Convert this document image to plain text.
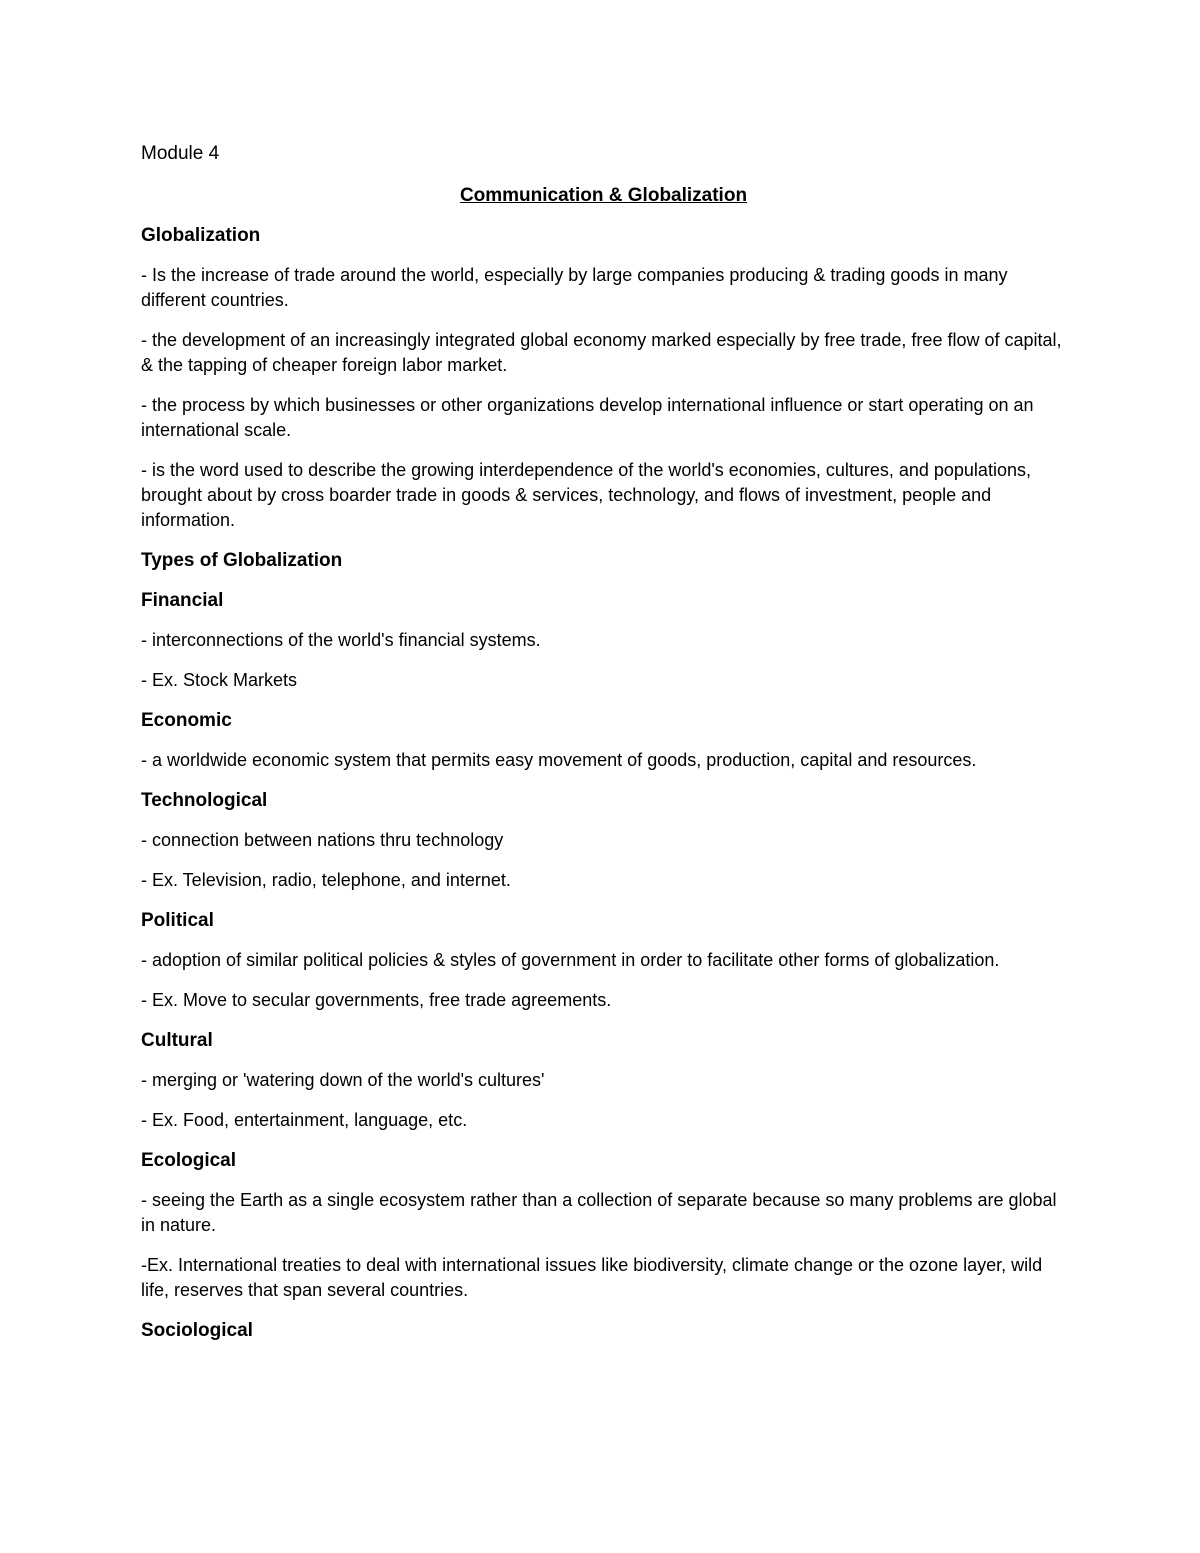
Module 4
Communication & Globalization
Globalization

- Is the increase of trade around the world, especially by large companies producing & trading goods in many different countries.

- the development of an increasingly integrated global economy marked especially by free trade, free flow of capital, & the tapping of cheaper foreign labor market.

- the process by which businesses or other organizations develop international influence or start operating on an international scale.

- is the word used to describe the growing interdependence of the world's economies, cultures, and populations, brought about by cross boarder trade in goods & services, technology, and flows of investment, people and information.

Types of Globalization
Financial

- interconnections of the world's financial systems.

- Ex. Stock Markets

Economic

- a worldwide economic system that permits easy movement of goods, production, capital and resources.

Technological

- connection between nations thru technology

- Ex. Television, radio, telephone, and internet.

Political

- adoption of similar political policies & styles of government in order to facilitate other forms of globalization.

- Ex. Move to secular governments, free trade agreements.

Cultural

- merging or 'watering down of the world's cultures'

- Ex. Food, entertainment, language, etc.

Ecological

- seeing the Earth as a single ecosystem rather than a collection of separate because so many problems are global in nature.

-Ex. International treaties to deal with international issues like biodiversity, climate change or the ozone layer, wild life, reserves that span several countries.

Sociological
